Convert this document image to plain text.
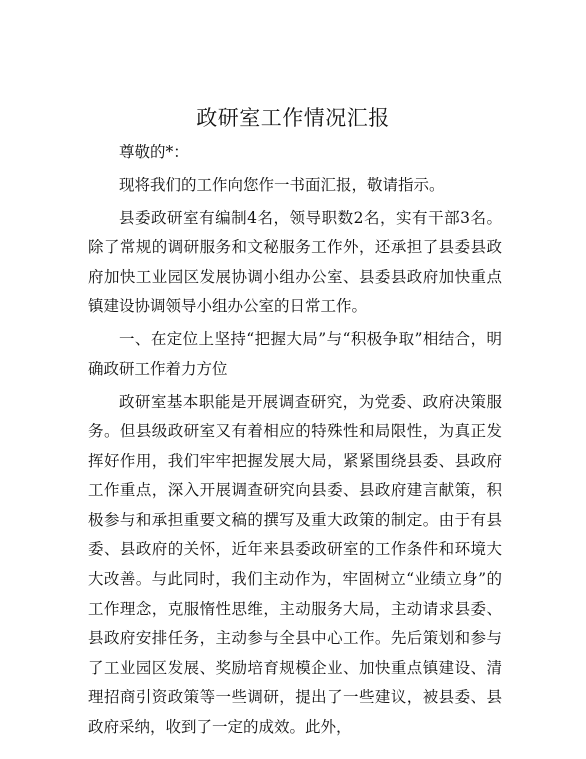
政研室工作情况汇报

尊敬的*：

现将我们的工作向您作一书面汇报，敬请指示。

县委政研室有编制4名，领导职数2名，实有干部3名。除了常规的调研服务和文秘服务工作外，还承担了县委县政府加快工业园区发展协调小组办公室、县委县政府加快重点镇建设协调领导小组办公室的日常工作。

一、在定位上坚持“把握大局”与“积极争取”相结合，明确政研工作着力方位

政研室基本职能是开展调查研究，为党委、政府决策服务。但县级政研室又有着相应的特殊性和局限性，为真正发挥好作用，我们牢牢把握发展大局，紧紧围绕县委、县政府工作重点，深入开展调查研究向县委、县政府建言献策，积极参与和承担重要文稿的撰写及重大政策的制定。由于有县委、县政府的关怀，近年来县委政研室的工作条件和环境大大改善。与此同时，我们主动作为，牢固树立“业绩立身”的工作理念，克服惰性思维，主动服务大局，主动请求县委、县政府安排任务，主动参与全县中心工作。先后策划和参与了工业园区发展、奖励培育规模企业、加快重点镇建设、清理招商引资政策等一些调研，提出了一些建议，被县委、县政府采纳，收到了一定的成效。此外，
